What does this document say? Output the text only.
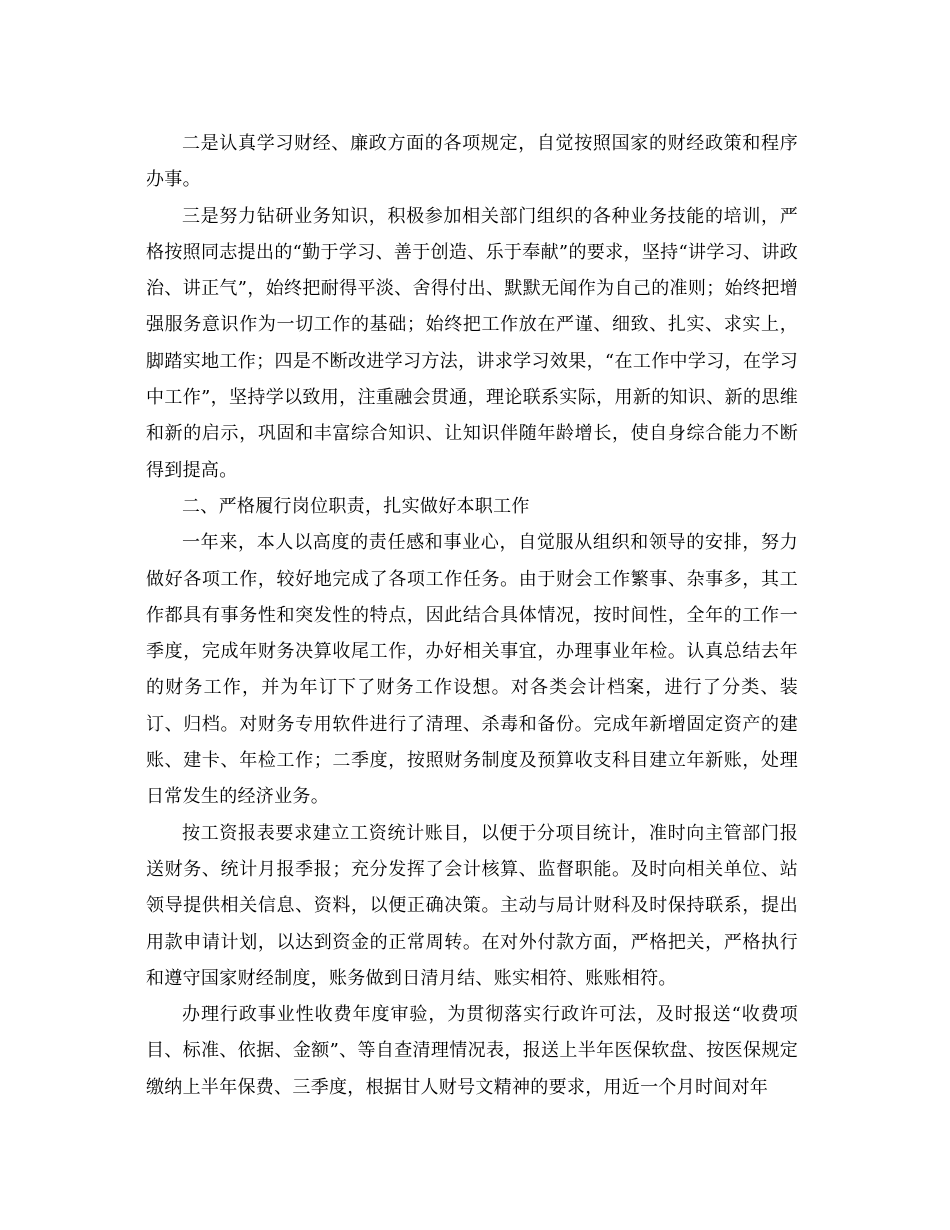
二是认真学习财经、廉政方面的各项规定，自觉按照国家的财经政策和程序办事。

三是努力钻研业务知识，积极参加相关部门组织的各种业务技能的培训，严格按照同志提出的“勤于学习、善于创造、乐于奉献”的要求，坚持“讲学习、讲政治、讲正气”，始终把耐得平淡、舍得付出、默默无闻作为自己的准则；始终把增强服务意识作为一切工作的基础；始终把工作放在严谨、细致、扎实、求实上，脚踏实地工作；四是不断改进学习方法，讲求学习效果，“在工作中学习，在学习中工作”，坚持学以致用，注重融会贯通，理论联系实际，用新的知识、新的思维和新的启示，巩固和丰富综合知识、让知识伴随年龄增长，使自身综合能力不断得到提高。

二、严格履行岗位职责，扎实做好本职工作

一年来，本人以高度的责任感和事业心，自觉服从组织和领导的安排，努力做好各项工作，较好地完成了各项工作任务。由于财会工作繁事、杂事多，其工作都具有事务性和突发性的特点，因此结合具体情况，按时间性，全年的工作一季度，完成年财务决算收尾工作，办好相关事宜，办理事业年检。认真总结去年的财务工作，并为年订下了财务工作设想。对各类会计档案，进行了分类、装订、归档。对财务专用软件进行了清理、杀毒和备份。完成年新增固定资产的建账、建卡、年检工作；二季度，按照财务制度及预算收支科目建立年新账，处理日常发生的经济业务。

按工资报表要求建立工资统计账目，以便于分项目统计，准时向主管部门报送财务、统计月报季报；充分发挥了会计核算、监督职能。及时向相关单位、站领导提供相关信息、资料，以便正确决策。主动与局计财科及时保持联系，提出用款申请计划，以达到资金的正常周转。在对外付款方面，严格把关，严格执行和遵守国家财经制度，账务做到日清月结、账实相符、账账相符。

办理行政事业性收费年度审验，为贯彻落实行政许可法，及时报送“收费项目、标准、依据、金额”、等自查清理情况表，报送上半年医保软盘、按医保规定缴纳上半年保费、三季度，根据甘人财号文精神的要求，用近一个月时间对年
